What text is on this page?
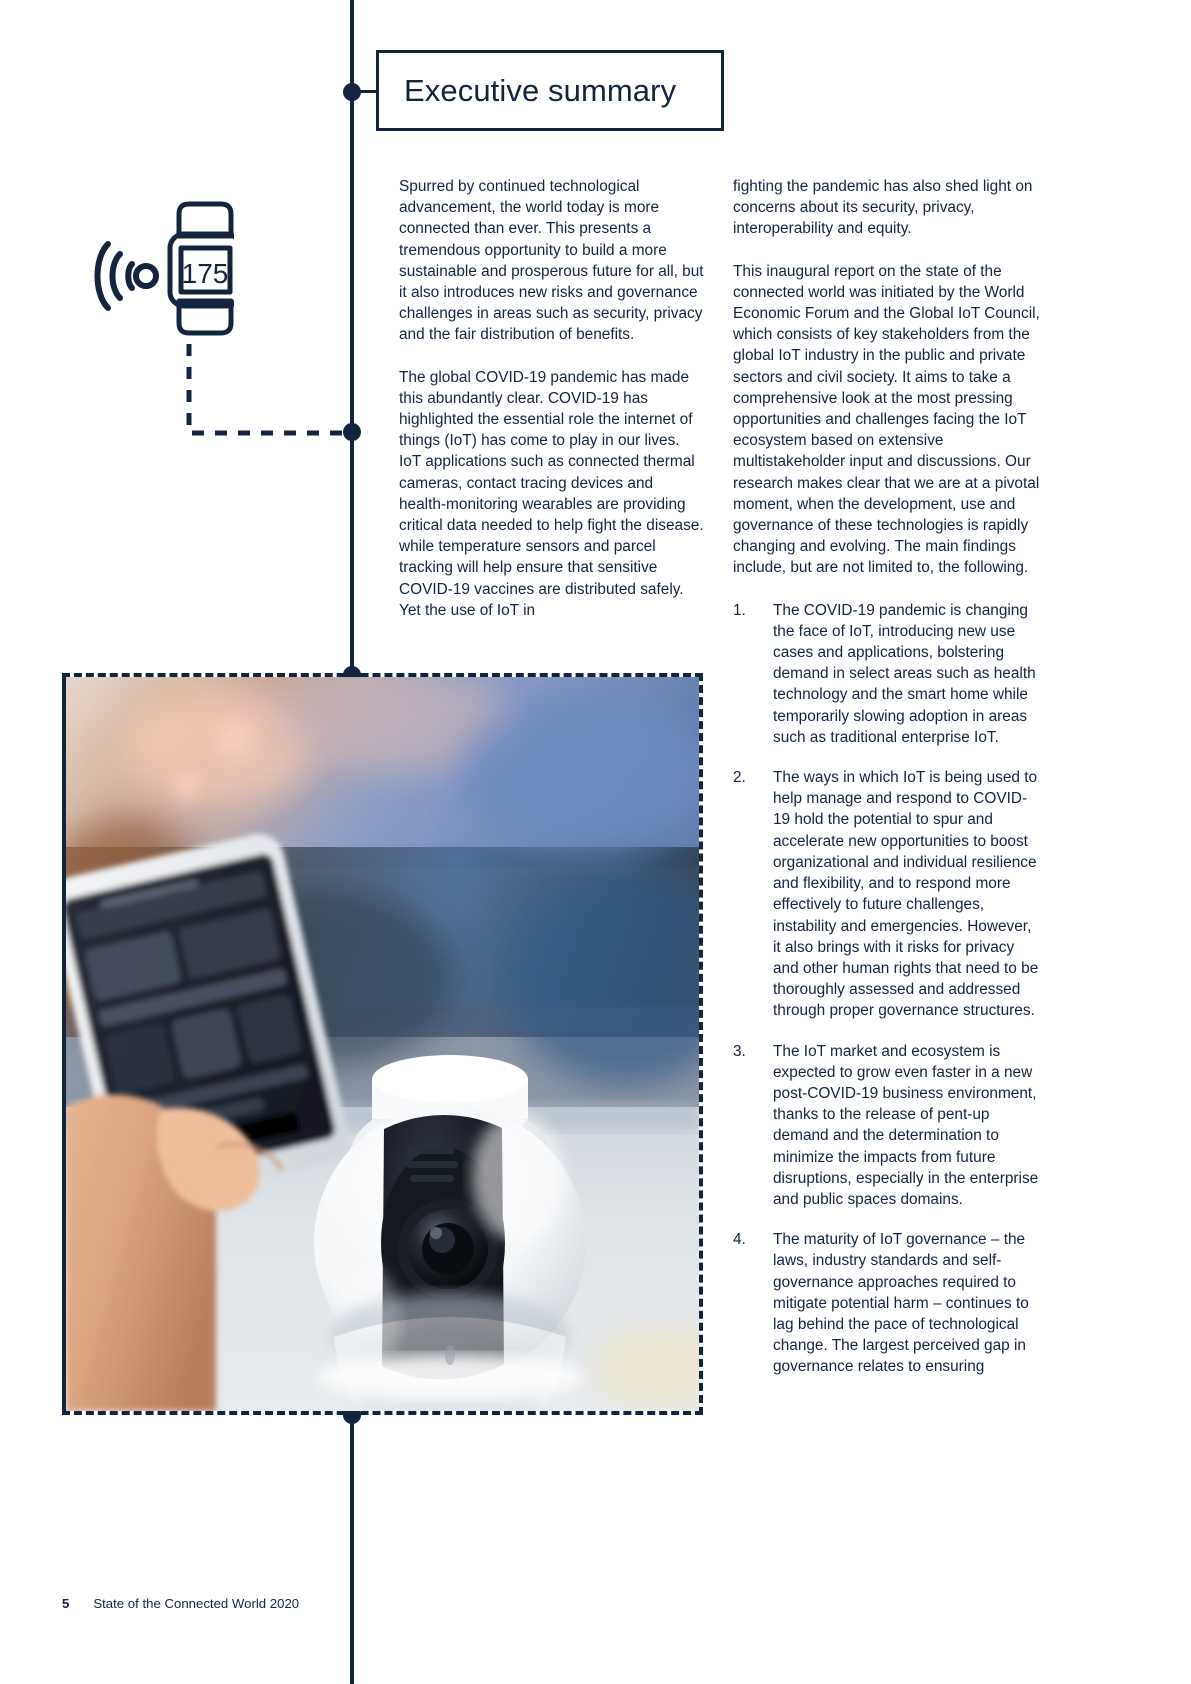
Executive summary
175

Spurred by continued technological advancement, the world today is more connected than ever. This presents a tremendous opportunity to build a more sustainable and prosperous future for all, but it also introduces new risks and governance challenges in areas such as security, privacy and the fair distribution of benefits.

The global COVID-19 pandemic has made this abundantly clear. COVID-19 has highlighted the essential role the internet of things (IoT) has come to play in our lives. IoT applications such as connected thermal cameras, contact tracing devices and health-monitoring wearables are providing critical data needed to help fight the disease. while temperature sensors and parcel tracking will help ensure that sensitive COVID-19 vaccines are distributed safely. Yet the use of IoT in

fighting the pandemic has also shed light on concerns about its security, privacy, interoperability and equity.

This inaugural report on the state of the connected world was initiated by the World Economic Forum and the Global IoT Council, which consists of key stakeholders from the global IoT industry in the public and private sectors and civil society. It aims to take a comprehensive look at the most pressing opportunities and challenges facing the IoT ecosystem based on extensive multistakeholder input and discussions. Our research makes clear that we are at a pivotal moment, when the development, use and governance of these technologies is rapidly changing and evolving. The main findings include, but are not limited to, the following.

1.	The COVID-19 pandemic is changing the face of IoT, introducing new use cases and applications, bolstering demand in select areas such as health technology and the smart home while temporarily slowing adoption in areas such as traditional enterprise IoT.
2.	The ways in which IoT is being used to help manage and respond to COVID-19 hold the potential to spur and accelerate new opportunities to boost organizational and individual resilience and flexibility, and to respond more effectively to future challenges, instability and emergencies. However, it also brings with it risks for privacy and other human rights that need to be thoroughly assessed and addressed through proper governance structures.
3.	The IoT market and ecosystem is expected to grow even faster in a new post-COVID-19 business environment, thanks to the release of pent-up demand and the determination to minimize the impacts from future disruptions, especially in the enterprise and public spaces domains.
4.	The maturity of IoT governance – the laws, industry standards and self-governance approaches required to mitigate potential harm – continues to lag behind the pace of technological change. The largest perceived gap in governance relates to ensuring
5 State of the Connected World 2020
